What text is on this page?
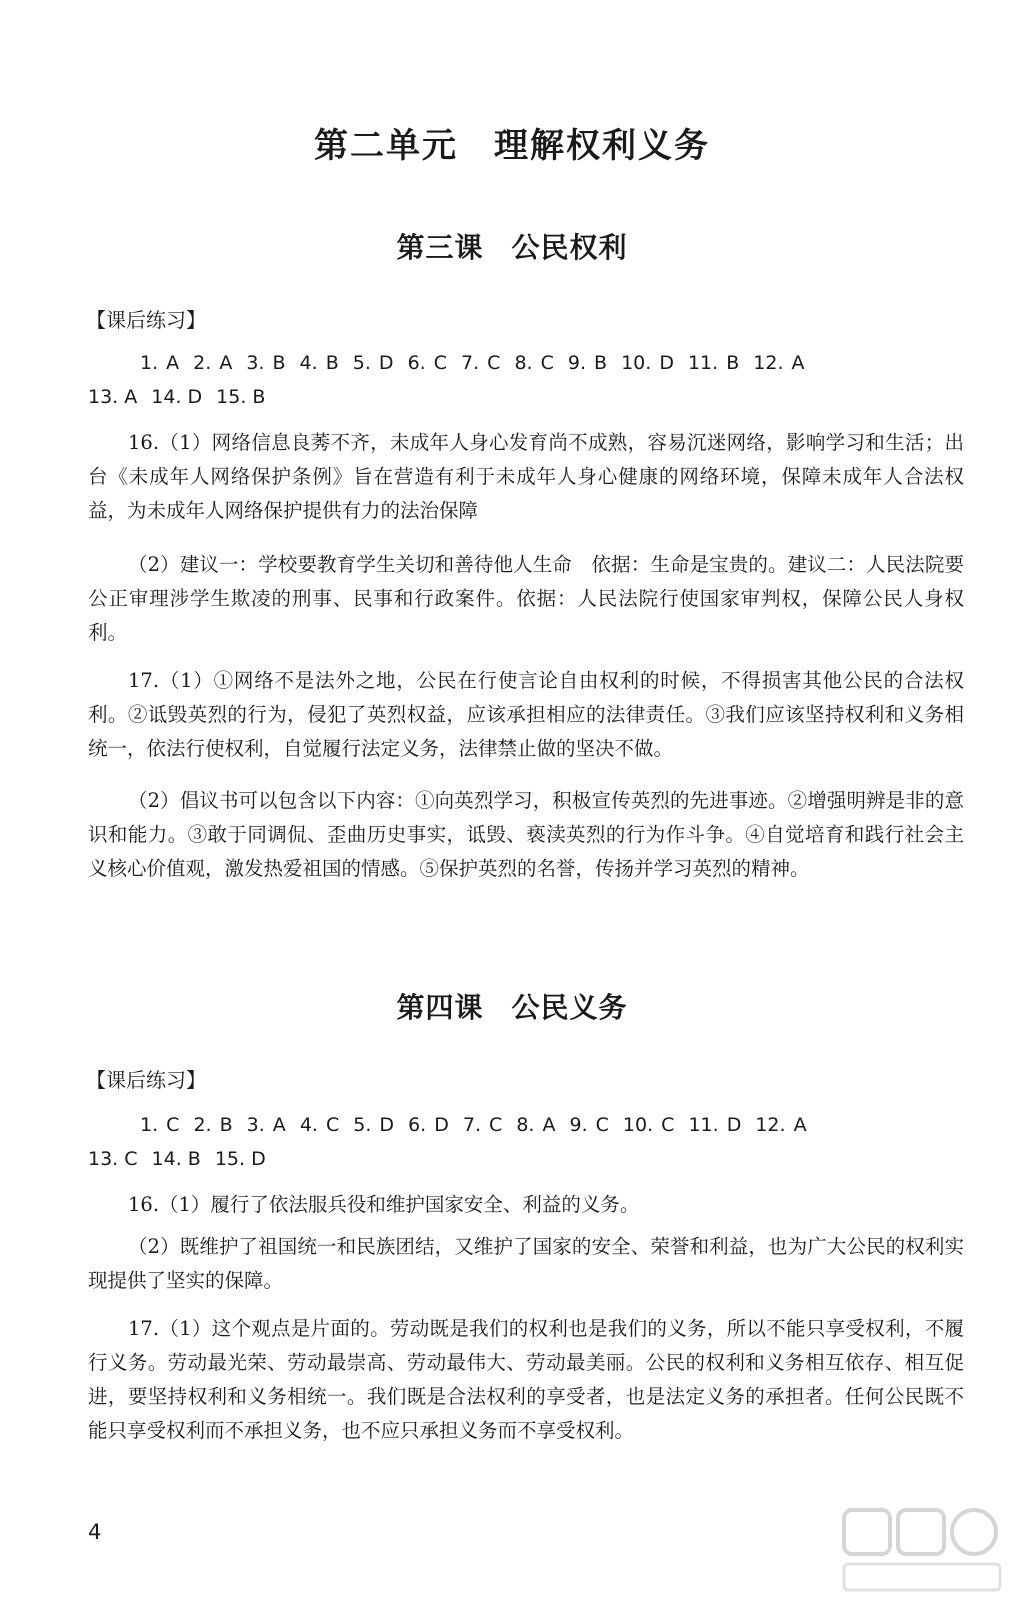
第二单元 理解权利义务
第三课 公民权利
【课后练习】
1. A 2. A 3. B 4. B 5. D 6. C 7. C 8. C 9. B 10. D 11. B 12. A
13. A 14. D 15. B
16.（1）网络信息良莠不齐，未成年人身心发育尚不成熟，容易沉迷网络，影响学习和生活；出台《未成年人网络保护条例》旨在营造有利于未成年人身心健康的网络环境，保障未成年人合法权益，为未成年人网络保护提供有力的法治保障
（2）建议一：学校要教育学生关切和善待他人生命　依据：生命是宝贵的。建议二：人民法院要公正审理涉学生欺凌的刑事、民事和行政案件。依据：人民法院行使国家审判权，保障公民人身权利。
17.（1）①网络不是法外之地，公民在行使言论自由权利的时候，不得损害其他公民的合法权利。②诋毁英烈的行为，侵犯了英烈权益，应该承担相应的法律责任。③我们应该坚持权利和义务相统一，依法行使权利，自觉履行法定义务，法律禁止做的坚决不做。
（2）倡议书可以包含以下内容：①向英烈学习，积极宣传英烈的先进事迹。②增强明辨是非的意识和能力。③敢于同调侃、歪曲历史事实，诋毁、亵渎英烈的行为作斗争。④自觉培育和践行社会主义核心价值观，激发热爱祖国的情感。⑤保护英烈的名誉，传扬并学习英烈的精神。
第四课 公民义务
【课后练习】
1. C 2. B 3. A 4. C 5. D 6. D 7. C 8. A 9. C 10. C 11. D 12. A
13. C 14. B 15. D
16.（1）履行了依法服兵役和维护国家安全、利益的义务。
（2）既维护了祖国统一和民族团结，又维护了国家的安全、荣誉和利益，也为广大公民的权利实现提供了坚实的保障。
17.（1）这个观点是片面的。劳动既是我们的权利也是我们的义务，所以不能只享受权利，不履行义务。劳动最光荣、劳动最崇高、劳动最伟大、劳动最美丽。公民的权利和义务相互依存、相互促进，要坚持权利和义务相统一。我们既是合法权利的享受者，也是法定义务的承担者。任何公民既不能只享受权利而不承担义务，也不应只承担义务而不享受权利。
4
